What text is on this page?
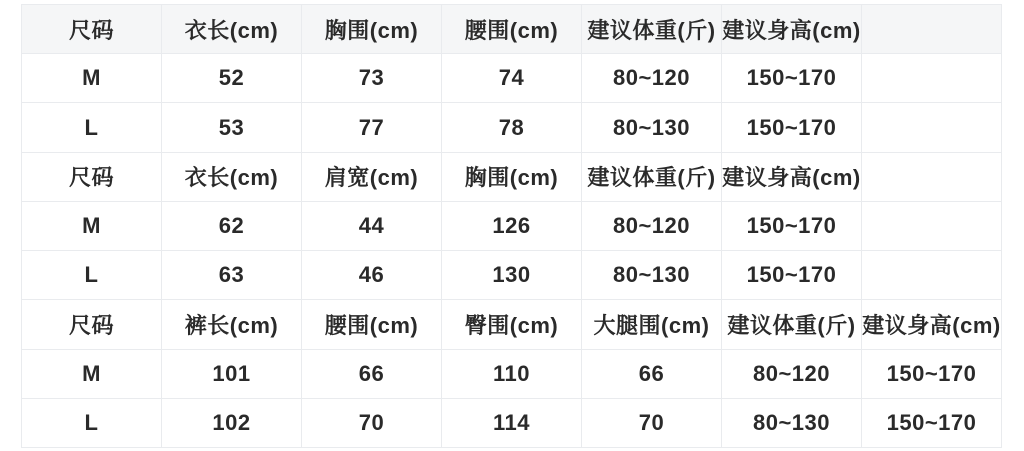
尺码	衣长(cm)	胸围(cm)	腰围(cm)	建议体重(斤)	建议身高(cm)	
M	52	73	74	80~120	150~170	
L	53	77	78	80~130	150~170	
尺码	衣长(cm)	肩宽(cm)	胸围(cm)	建议体重(斤)	建议身高(cm)	
M	62	44	126	80~120	150~170	
L	63	46	130	80~130	150~170	
尺码	裤长(cm)	腰围(cm)	臀围(cm)	大腿围(cm)	建议体重(斤)	建议身高(cm)
M	101	66	110	66	80~120	150~170
L	102	70	114	70	80~130	150~170
